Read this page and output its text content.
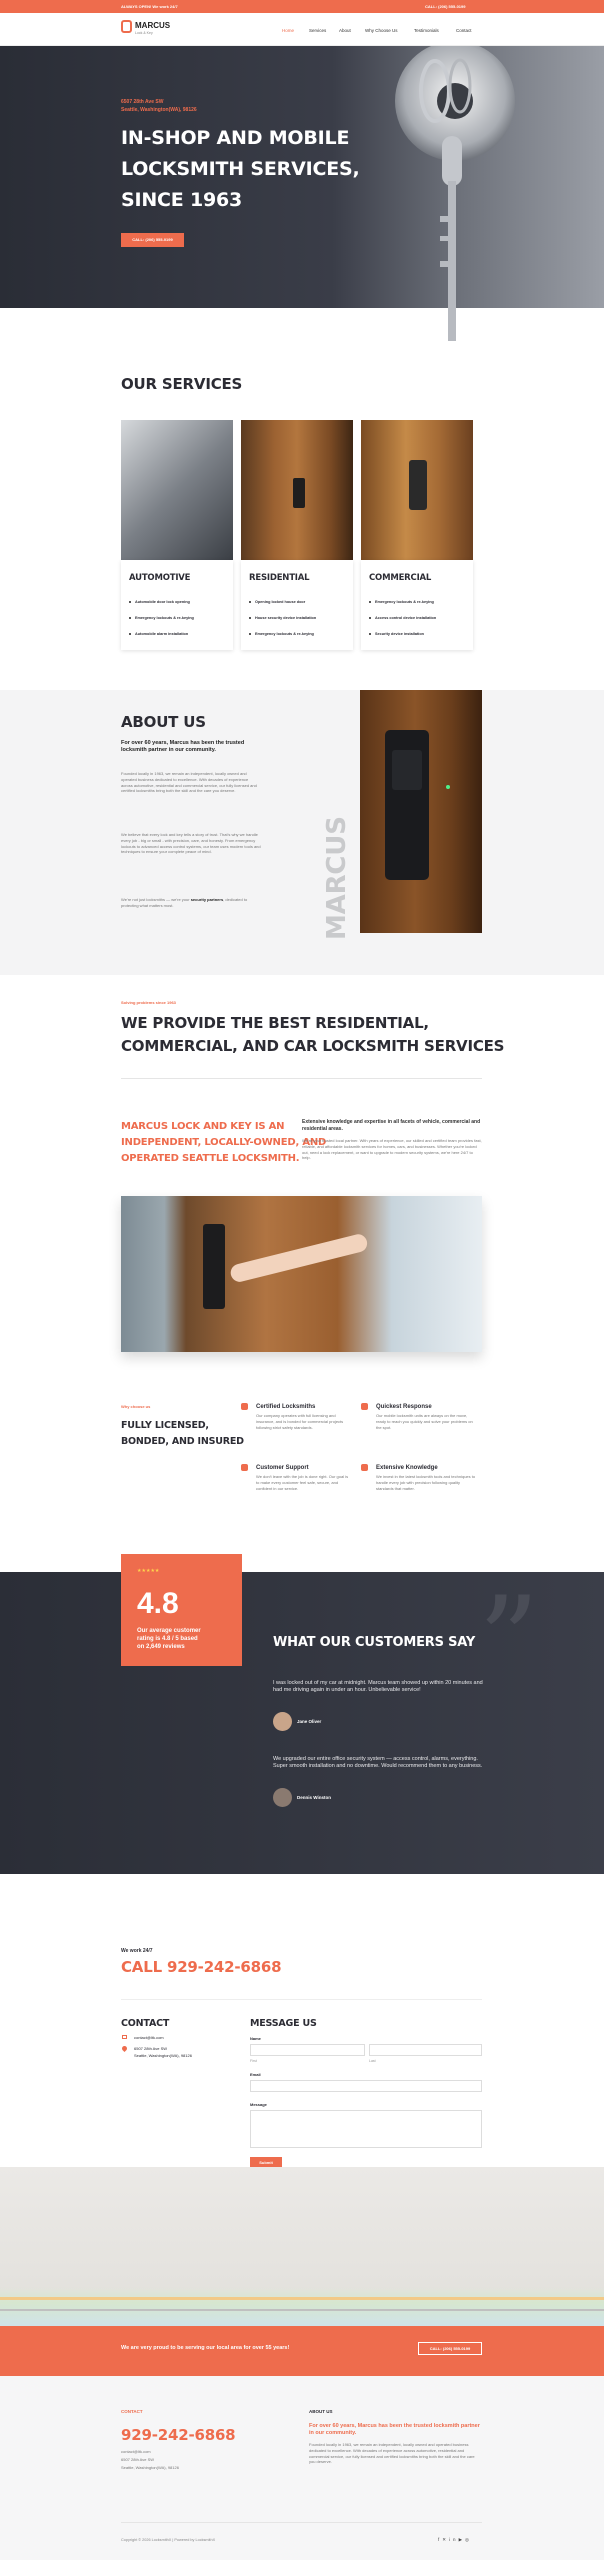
ALWAYS OPEN! We work 24/7	CALL: (206) 555-0199
MARCUS
Lock & Key	Home	Services	About	Why Choose Us	Testimonials	Contact
6507 28th Ave SW
Seattle, Washington(WA), 98126
IN-SHOP AND MOBILE
LOCKSMITH SERVICES,
SINCE 1963
CALL: (206) 555-0199
OUR SERVICES
AUTOMOTIVE
Automobile door lock opening
Emergency lockouts & re-keying
Automobile alarm installation
RESIDENTIAL
Opening locked house door
House security device installation
Emergency lockouts & re-keying
COMMERCIAL
Emergency lockouts & re-keying
Access control device installation
Security device installation
ABOUT US
For over 60 years, Marcus has been the trusted locksmith partner in our community.
Founded locally in 1963, we remain an independent, locally owned and operated business dedicated to excellence. With decades of experience across automotive, residential and commercial service, our fully licensed and certified locksmiths bring both the skill and the care you deserve.
We believe that every lock and key tells a story of trust. That's why we handle every job - big or small - with precision, care, and honesty. From emergency lockouts to advanced access control systems, our team uses modern tools and techniques to ensure your complete peace of mind.
We're not just locksmiths — we're your security partners, dedicated to protecting what matters most.	MARCUS
Solving problems since 1963
WE PROVIDE THE BEST RESIDENTIAL,
COMMERCIAL, AND CAR LOCKSMITH SERVICES
MARCUS LOCK AND KEY IS AN
INDEPENDENT, LOCALLY-OWNED, AND
OPERATED SEATTLE LOCKSMITH.
Extensive knowledge and expertise in all facets of vehicle, commercial and residential areas.
We're your trusted local partner. With years of experience, our skilled and certified team provides fast, reliable, and affordable locksmith services for homes, cars, and businesses. Whether you're locked out, need a lock replacement, or want to upgrade to modern security systems, we're here 24/7 to help.
Why choose us
FULLY LICENSED,
BONDED, AND INSURED
Certified Locksmiths
Our company operates with full licensing and insurance, and is bonded for commercial projects following strict safety standards.
Quickest Response
Our mobile locksmith units are always on the move, ready to reach you quickly and solve your problems on the spot.
Customer Support
We don't leave with the job is done right. Our goal is to make every customer feel safe, secure, and confident in our service.
Extensive Knowledge
We invest in the latest locksmith tools and techniques to handle every job with precision following quality standards that matter.
”
★★★★★
4.8
Our average customer
rating is 4.8 / 5 based
on 2,649 reviews	WHAT OUR CUSTOMERS SAY
I was locked out of my car at midnight. Marcus team showed up within 20 minutes and had me driving again in under an hour. Unbelievable service!
Jane Oliver
We upgraded our entire office security system — access control, alarms, everything. Super smooth installation and no downtime. Would recommend them to any business.
Dennis Winston
We work 24/7
CALL 929-242-6868
CONTACT
contact@ltk.com
6507 28th Ave SW
Seattle, Washington(WA), 98126
MESSAGE US
Name
First	Last
Email
Message
Submit
We are very proud to be serving our local area for over 55 years!	CALL: (206) 555-0199
CONTACT
929-242-6868
contact@ltk.com
6507 28th Ave SW
Seattle, Washington(WA), 98126
ABOUT US
For over 60 years, Marcus has been the trusted locksmith partner in our community.
Founded locally in 1963, we remain an independent, locally owned and operated business dedicated to excellence. With decades of experience across automotive, residential and commercial service, our fully licensed and certified locksmiths bring both the skill and the care you deserve.
Copyright © 2026 LocksmithX | Powered by LocksmithX	f✕in▶◎
